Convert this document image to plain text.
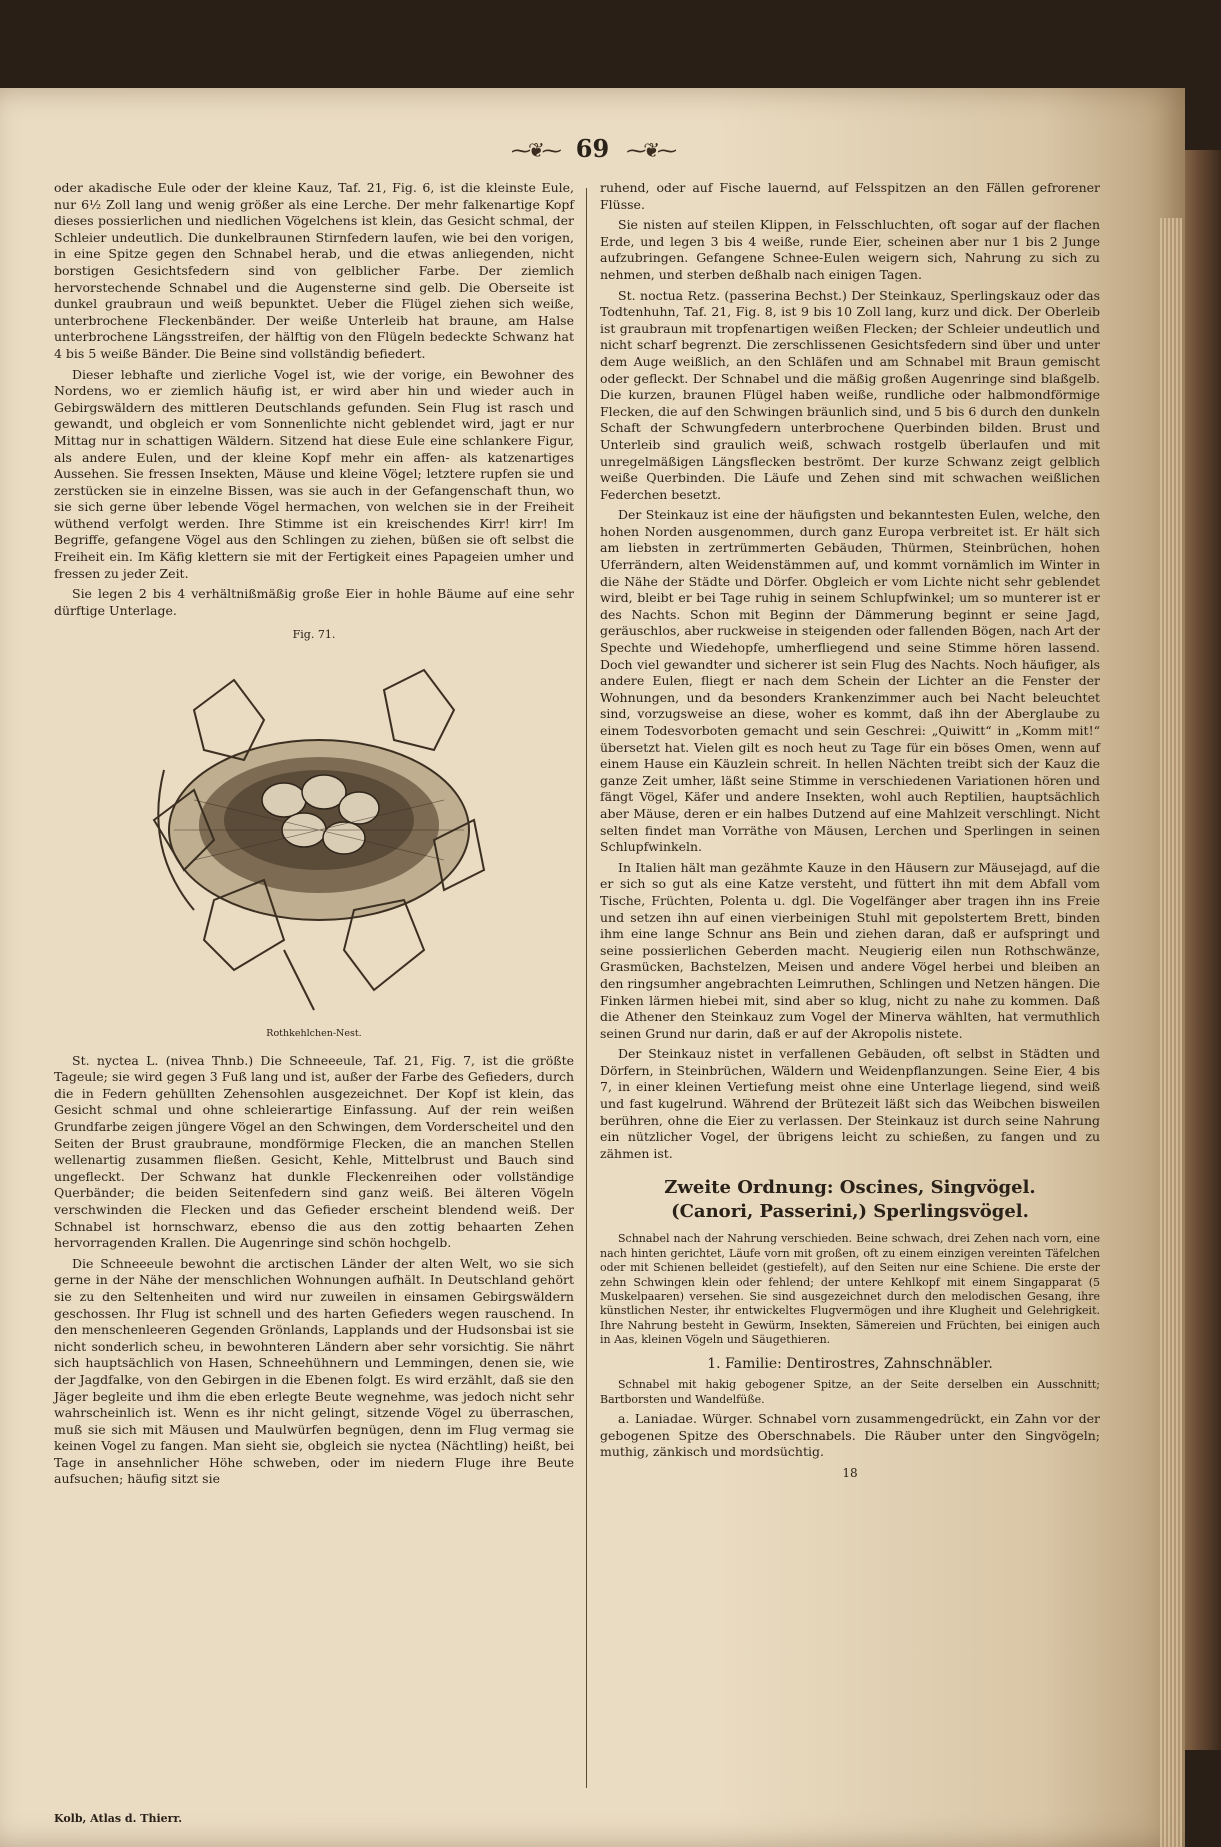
⁓❦⁓ 69 ⁓❦⁓

oder akadische Eule oder der kleine Kauz, Taf. 21, Fig. 6, ist die kleinste Eule, nur 6½ Zoll lang und wenig größer als eine Lerche. Der mehr falkenartige Kopf dieses possierlichen und niedlichen Vögelchens ist klein, das Gesicht schmal, der Schleier undeutlich. Die dunkelbraunen Stirnfedern laufen, wie bei den vorigen, in eine Spitze gegen den Schnabel herab, und die etwas anliegenden, nicht borstigen Gesichtsfedern sind von gelblicher Farbe. Der ziemlich hervorstechende Schnabel und die Augensterne sind gelb. Die Oberseite ist dunkel graubraun und weiß bepunktet. Ueber die Flügel ziehen sich weiße, unterbrochene Fleckenbänder. Der weiße Unterleib hat braune, am Halse unterbrochene Längsstreifen, der hälftig von den Flügeln bedeckte Schwanz hat 4 bis 5 weiße Bänder. Die Beine sind vollständig befiedert.

Dieser lebhafte und zierliche Vogel ist, wie der vorige, ein Bewohner des Nordens, wo er ziemlich häufig ist, er wird aber hin und wieder auch in Gebirgswäldern des mittleren Deutschlands gefunden. Sein Flug ist rasch und gewandt, und obgleich er vom Sonnenlichte nicht geblendet wird, jagt er nur Mittag nur in schattigen Wäldern. Sitzend hat diese Eule eine schlankere Figur, als andere Eulen, und der kleine Kopf mehr ein affen- als katzenartiges Aussehen. Sie fressen Insekten, Mäuse und kleine Vögel; letztere rupfen sie und zerstücken sie in einzelne Bissen, was sie auch in der Gefangenschaft thun, wo sie sich gerne über lebende Vögel hermachen, von welchen sie in der Freiheit wüthend verfolgt werden. Ihre Stimme ist ein kreischendes Kirr! kirr! Im Begriffe, gefangene Vögel aus den Schlingen zu ziehen, büßen sie oft selbst die Freiheit ein. Im Käfig klettern sie mit der Fertigkeit eines Papageien umher und fressen zu jeder Zeit.

Sie legen 2 bis 4 verhältnißmäßig große Eier in hohle Bäume auf eine sehr dürftige Unterlage.

Fig. 71.
Rothkehlchen-Nest.

St. nyctea L. (nivea Thnb.) Die Schneeeule, Taf. 21, Fig. 7, ist die größte Tageule; sie wird gegen 3 Fuß lang und ist, außer der Farbe des Gefieders, durch die in Federn gehüllten Zehensohlen ausgezeichnet. Der Kopf ist klein, das Gesicht schmal und ohne schleierartige Einfassung. Auf der rein weißen Grundfarbe zeigen jüngere Vögel an den Schwingen, dem Vorderscheitel und den Seiten der Brust graubraune, mondförmige Flecken, die an manchen Stellen wellenartig zusammen fließen. Gesicht, Kehle, Mittelbrust und Bauch sind ungefleckt. Der Schwanz hat dunkle Fleckenreihen oder vollständige Querbänder; die beiden Seitenfedern sind ganz weiß. Bei älteren Vögeln verschwinden die Flecken und das Gefieder erscheint blendend weiß. Der Schnabel ist hornschwarz, ebenso die aus den zottig behaarten Zehen hervorragenden Krallen. Die Augenringe sind schön hochgelb.

Die Schneeeule bewohnt die arctischen Länder der alten Welt, wo sie sich gerne in der Nähe der menschlichen Wohnungen aufhält. In Deutschland gehört sie zu den Seltenheiten und wird nur zuweilen in einsamen Gebirgswäldern geschossen. Ihr Flug ist schnell und des harten Gefieders wegen rauschend. In den menschenleeren Gegenden Grönlands, Lapplands und der Hudsonsbai ist sie nicht sonderlich scheu, in bewohnteren Ländern aber sehr vorsichtig. Sie nährt sich hauptsächlich von Hasen, Schneehühnern und Lemmingen, denen sie, wie der Jagdfalke, von den Gebirgen in die Ebenen folgt. Es wird erzählt, daß sie den Jäger begleite und ihm die eben erlegte Beute wegnehme, was jedoch nicht sehr wahrscheinlich ist. Wenn es ihr nicht gelingt, sitzende Vögel zu überraschen, muß sie sich mit Mäusen und Maulwürfen begnügen, denn im Flug vermag sie keinen Vogel zu fangen. Man sieht sie, obgleich sie nyctea (Nächtling) heißt, bei Tage in ansehnlicher Höhe schweben, oder im niedern Fluge ihre Beute aufsuchen; häufig sitzt sie

ruhend, oder auf Fische lauernd, auf Felsspitzen an den Fällen gefrorener Flüsse.

Sie nisten auf steilen Klippen, in Felsschluchten, oft sogar auf der flachen Erde, und legen 3 bis 4 weiße, runde Eier, scheinen aber nur 1 bis 2 Junge aufzubringen. Gefangene Schnee-Eulen weigern sich, Nahrung zu sich zu nehmen, und sterben deßhalb nach einigen Tagen.

St. noctua Retz. (passerina Bechst.) Der Steinkauz, Sperlingskauz oder das Todtenhuhn, Taf. 21, Fig. 8, ist 9 bis 10 Zoll lang, kurz und dick. Der Oberleib ist graubraun mit tropfenartigen weißen Flecken; der Schleier undeutlich und nicht scharf begrenzt. Die zerschlissenen Gesichtsfedern sind über und unter dem Auge weißlich, an den Schläfen und am Schnabel mit Braun gemischt oder gefleckt. Der Schnabel und die mäßig großen Augenringe sind blaßgelb. Die kurzen, braunen Flügel haben weiße, rundliche oder halbmondförmige Flecken, die auf den Schwingen bräunlich sind, und 5 bis 6 durch den dunkeln Schaft der Schwungfedern unterbrochene Querbinden bilden. Brust und Unterleib sind graulich weiß, schwach rostgelb überlaufen und mit unregelmäßigen Längsflecken beströmt. Der kurze Schwanz zeigt gelblich weiße Querbinden. Die Läufe und Zehen sind mit schwachen weißlichen Federchen besetzt.

Der Steinkauz ist eine der häufigsten und bekanntesten Eulen, welche, den hohen Norden ausgenommen, durch ganz Europa verbreitet ist. Er hält sich am liebsten in zertrümmerten Gebäuden, Thürmen, Steinbrüchen, hohen Uferrändern, alten Weidenstämmen auf, und kommt vornämlich im Winter in die Nähe der Städte und Dörfer. Obgleich er vom Lichte nicht sehr geblendet wird, bleibt er bei Tage ruhig in seinem Schlupfwinkel; um so munterer ist er des Nachts. Schon mit Beginn der Dämmerung beginnt er seine Jagd, geräuschlos, aber ruckweise in steigenden oder fallenden Bögen, nach Art der Spechte und Wiedehopfe, umherfliegend und seine Stimme hören lassend. Doch viel gewandter und sicherer ist sein Flug des Nachts. Noch häufiger, als andere Eulen, fliegt er nach dem Schein der Lichter an die Fenster der Wohnungen, und da besonders Krankenzimmer auch bei Nacht beleuchtet sind, vorzugsweise an diese, woher es kommt, daß ihn der Aberglaube zu einem Todesvorboten gemacht und sein Geschrei: „Quiwitt“ in „Komm mit!“ übersetzt hat. Vielen gilt es noch heut zu Tage für ein böses Omen, wenn auf einem Hause ein Käuzlein schreit. In hellen Nächten treibt sich der Kauz die ganze Zeit umher, läßt seine Stimme in verschiedenen Variationen hören und fängt Vögel, Käfer und andere Insekten, wohl auch Reptilien, hauptsächlich aber Mäuse, deren er ein halbes Dutzend auf eine Mahlzeit verschlingt. Nicht selten findet man Vorräthe von Mäusen, Lerchen und Sperlingen in seinen Schlupfwinkeln.

In Italien hält man gezähmte Kauze in den Häusern zur Mäusejagd, auf die er sich so gut als eine Katze versteht, und füttert ihn mit dem Abfall vom Tische, Früchten, Polenta u. dgl. Die Vogelfänger aber tragen ihn ins Freie und setzen ihn auf einen vierbeinigen Stuhl mit gepolstertem Brett, binden ihm eine lange Schnur ans Bein und ziehen daran, daß er aufspringt und seine possierlichen Geberden macht. Neugierig eilen nun Rothschwänze, Grasmücken, Bachstelzen, Meisen und andere Vögel herbei und bleiben an den ringsumher angebrachten Leimruthen, Schlingen und Netzen hängen. Die Finken lärmen hiebei mit, sind aber so klug, nicht zu nahe zu kommen. Daß die Athener den Steinkauz zum Vogel der Minerva wählten, hat vermuthlich seinen Grund nur darin, daß er auf der Akropolis nistete.

Der Steinkauz nistet in verfallenen Gebäuden, oft selbst in Städten und Dörfern, in Steinbrüchen, Wäldern und Weidenpflanzungen. Seine Eier, 4 bis 7, in einer kleinen Vertiefung meist ohne eine Unterlage liegend, sind weiß und fast kugelrund. Während der Brütezeit läßt sich das Weibchen bisweilen berühren, ohne die Eier zu verlassen. Der Steinkauz ist durch seine Nahrung ein nützlicher Vogel, der übrigens leicht zu schießen, zu fangen und zu zähmen ist.

Zweite Ordnung: Oscines, Singvögel.
(Canori, Passerini,) Sperlingsvögel.

Schnabel nach der Nahrung verschieden. Beine schwach, drei Zehen nach vorn, eine nach hinten gerichtet, Läufe vorn mit großen, oft zu einem einzigen vereinten Täfelchen oder mit Schienen belleidet (gestiefelt), auf den Seiten nur eine Schiene. Die erste der zehn Schwingen klein oder fehlend; der untere Kehlkopf mit einem Singapparat (5 Muskelpaaren) versehen. Sie sind ausgezeichnet durch den melodischen Gesang, ihre künstlichen Nester, ihr entwickeltes Flugvermögen und ihre Klugheit und Gelehrigkeit. Ihre Nahrung besteht in Gewürm, Insekten, Sämereien und Früchten, bei einigen auch in Aas, kleinen Vögeln und Säugethieren.

1. Familie: Dentirostres, Zahnschnäbler.

Schnabel mit hakig gebogener Spitze, an der Seite derselben ein Ausschnitt; Bartborsten und Wandelfüße.

a. Laniadae. Würger. Schnabel vorn zusammengedrückt, ein Zahn vor der gebogenen Spitze des Oberschnabels. Die Räuber unter den Singvögeln; muthig, zänkisch und mordsüchtig.

18
Kolb, Atlas d. Thierr.
